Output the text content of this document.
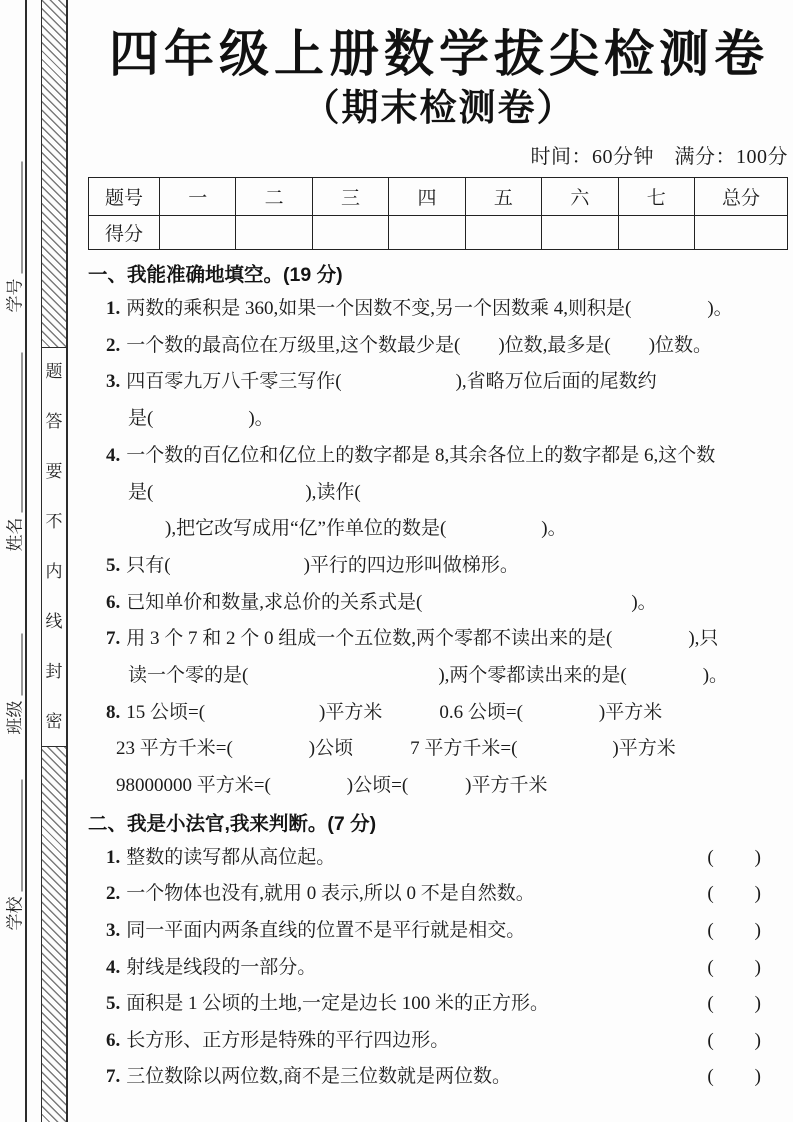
题
答
要
不
内
线
封
密
学号
姓名
班级
学校
四年级上册数学拔尖检测卷
（期末检测卷）
时间：60分钟　满分：100分
题号	一	二	三	四	五	六	七	总分
得分								
一、我能准确地填空。(19 分)
1. 两数的乘积是 360,如果一个因数不变,另一个因数乘 4,则积是(　　　　)。
2. 一个数的最高位在万级里,这个数最少是(　　)位数,最多是(　　)位数。
3. 四百零九万八千零三写作(　　　　　　),省略万位后面的尾数约
是(　　　　　)。
4. 一个数的百亿位和亿位上的数字都是 8,其余各位上的数字都是 6,这个数
是(　　　　　　　　),读作(
),把它改写成用“亿”作单位的数是(　　　　　)。
5. 只有(　　　　　　　)平行的四边形叫做梯形。
6. 已知单价和数量,求总价的关系式是(　　　　　　　　　　　)。
7. 用 3 个 7 和 2 个 0 组成一个五位数,两个零都不读出来的是(　　　　),只
读一个零的是(　　　　　　　　　　),两个零都读出来的是(　　　　)。
8. 15 公顷=(　　　　　　)平方米　　　0.6 公顷=(　　　　)平方米
23 平方千米=(　　　　)公顷　　　7 平方千米=(　　　　　)平方米
98000000 平方米=(　　　　)公顷=(　　　)平方千米
二、我是小法官,我来判断。(7 分)
1. 整数的读写都从高位起。	(　　)
2. 一个物体也没有,就用 0 表示,所以 0 不是自然数。	(　　)
3. 同一平面内两条直线的位置不是平行就是相交。	(　　)
4. 射线是线段的一部分。	(　　)
5. 面积是 1 公顷的土地,一定是边长 100 米的正方形。	(　　)
6. 长方形、正方形是特殊的平行四边形。	(　　)
7. 三位数除以两位数,商不是三位数就是两位数。	(　　)
